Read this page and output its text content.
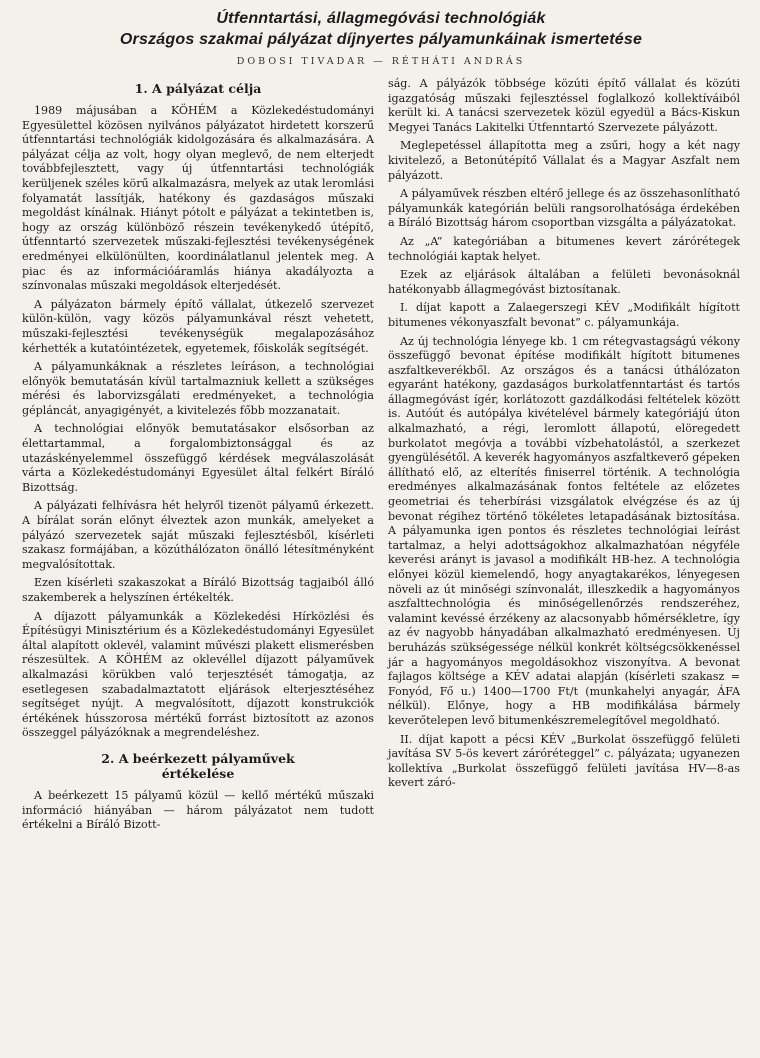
Útfenntartási, állagmegóvási technológiák
Országos szakmai pályázat díjnyertes pályamunkáinak ismertetése
DOBOSI TIVADAR — RÉTHÁTI ANDRÁS
1. A pályázat célja

1989 májusában a KÖHÉM a Közlekedéstudományi Egyesülettel közösen nyilvános pályázatot hirdetett korszerű útfenntartási technológiák kidolgozására és alkalmazására. A pályázat célja az volt, hogy olyan meglevő, de nem elterjedt továbbfejlesztett, vagy új útfenntartási technológiák kerüljenek széles körű alkalmazásra, melyek az utak leromlási folyamatát lassítják, hatékony és gazdaságos műszaki megoldást kínálnak. Hiányt pótolt e pályázat a tekintetben is, hogy az ország különböző részein tevékenykedő útépítő, útfenntartó szervezetek műszaki-fejlesztési tevékenységének eredményei elkülönülten, koordinálatlanul jelentek meg. A piac és az információáramlás hiánya akadályozta a színvonalas műszaki megoldások elterjedését.

A pályázaton bármely építő vállalat, útkezelő szervezet külön-külön, vagy közös pályamunkával részt vehetett, műszaki-fejlesztési tevékenységük megalapozásához kérhették a kutatóintézetek, egyetemek, főiskolák segítségét.

A pályamunkáknak a részletes leíráson, a technológiai előnyök bemutatásán kívül tartalmazniuk kellett a szükséges mérési és laborvizsgálati eredményeket, a technológia gépláncát, anyagigényét, a kivitelezés főbb mozzanatait.

A technológiai előnyök bemutatásakor elsősorban az élettartammal, a forgalombiztonsággal és az utazáskényelemmel összefüggő kérdések megválaszolását várta a Közlekedéstudományi Egyesület által felkért Bíráló Bizottság.

A pályázati felhívásra hét helyről tizenöt pályamű érkezett. A bírálat során előnyt élveztek azon munkák, amelyeket a pályázó szervezetek saját műszaki fejlesztésből, kísérleti szakasz formájában, a közúthálózaton önálló létesítményként megvalósítottak.

Ezen kísérleti szakaszokat a Bíráló Bizottság tagjaiból álló szakemberek a helyszínen értékelték.

A díjazott pályamunkák a Közlekedési Hírközlési és Építésügyi Minisztérium és a Közlekedéstudományi Egyesület által alapított oklevél, valamint művészi plakett elismerésben részesültek. A KÖHÉM az oklevéllel díjazott pályaművek alkalmazási körükben való terjesztését támogatja, az esetlegesen szabadalmaztatott eljárások elterjesztéséhez segítséget nyújt. A megvalósított, díjazott konstrukciók értékének hússzorosa mértékű forrást biztosított az azonos összeggel pályázóknak a megrendeléshez.

2. A beérkezett pályaművek
értékelése

A beérkezett 15 pályamű közül — kellő mértékű műszaki információ hiányában — három pályázatot nem tudott értékelni a Bíráló Bizott-

ság. A pályázók többsége közúti építő vállalat és közúti igazgatóság műszaki fejlesztéssel foglalkozó kollektíváiból került ki. A tanácsi szervezetek közül egyedül a Bács-Kiskun Megyei Tanács Lakitelki Útfenntartó Szervezete pályázott.

Meglepetéssel állapította meg a zsűri, hogy a két nagy kivitelező, a Betonútépítő Vállalat és a Magyar Aszfalt nem pályázott.

A pályaművek részben eltérő jellege és az összehasonlítható pályamunkák kategórián belüli rangsorolhatósága érdekében a Bíráló Bizottság három csoportban vizsgálta a pályázatokat.

Az „A” kategóriában a bitumenes kevert zárórétegek technológiái kaptak helyet.

Ezek az eljárások általában a felületi bevonásoknál hatékonyabb állagmegóvást biztosítanak.

I. díjat kapott a Zalaegerszegi KÉV „Modifikált hígított bitumenes vékonyaszfalt bevonat” c. pályamunkája.

Az új technológia lényege kb. 1 cm rétegvastagságú vékony összefüggő bevonat építése modifikált hígított bitumenes aszfaltkeverékből. Az országos és a tanácsi úthálózaton egyaránt hatékony, gazdaságos burkolatfenntartást és tartós állagmegóvást ígér, korlátozott gazdálkodási feltételek között is. Autóút és autópálya kivételével bármely kategóriájú úton alkalmazható, a régi, leromlott állapotú, elöregedett burkolatot megóvja a további vízbehatolástól, a szerkezet gyengülésétől. A keverék hagyományos aszfaltkeverő gépeken állítható elő, az elterítés finiserrel történik. A technológia eredményes alkalmazásának fontos feltétele az előzetes geometriai és teherbírási vizsgálatok elvégzése és az új bevonat régihez történő tökéletes letapadásának biztosítása. A pályamunka igen pontos és részletes technológiai leírást tartalmaz, a helyi adottságokhoz alkalmazhatóan négyféle keverési arányt is javasol a modifikált HB-hez. A technológia előnyei közül kiemelendő, hogy anyagtakarékos, lényegesen növeli az út minőségi színvonalát, illeszkedik a hagyományos aszfalttechnológia és minőségellenőrzés rendszeréhez, valamint kevéssé érzékeny az alacsonyabb hőmérsékletre, így az év nagyobb hányadában alkalmazható eredményesen. Új beruházás szükségessége nélkül konkrét költségcsökkenéssel jár a hagyományos megoldásokhoz viszonyítva. A bevonat fajlagos költsége a KÉV adatai alapján (kísérleti szakasz = Fonyód, Fő u.) 1400—1700 Ft/t (munkahelyi anyagár, ÁFA nélkül). Előnye, hogy a HB modifikálása bármely keverőtelepen levő bitumenkészremelegítővel megoldható.

II. díjat kapott a pécsi KÉV „Burkolat összefüggő felületi javítása SV 5-ös kevert záróréteggel” c. pályázata; ugyanezen kollektíva „Burkolat összefüggő felületi javítása HV—8-as kevert záró-
